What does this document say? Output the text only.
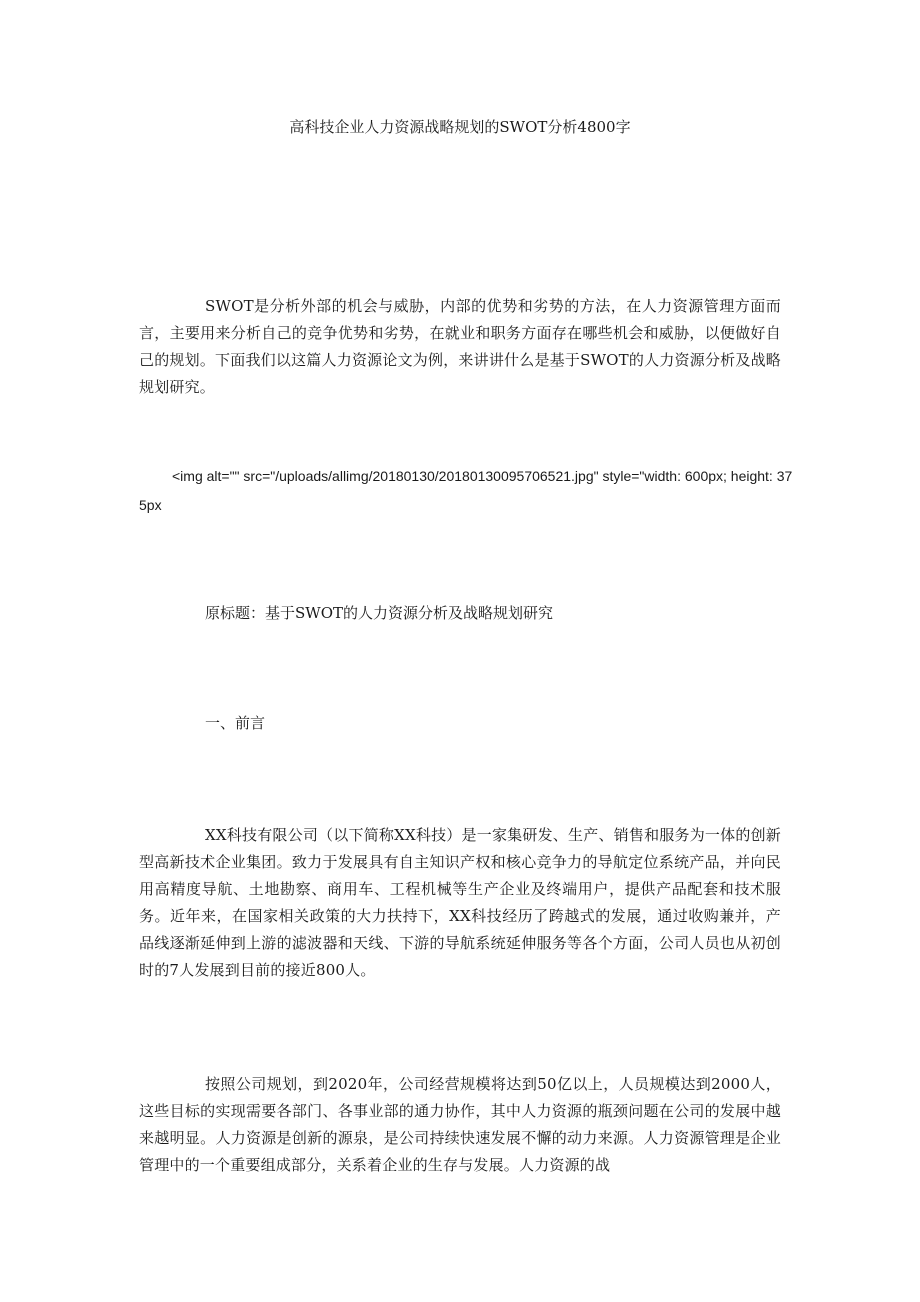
高科技企业人力资源战略规划的SWOT分析4800字
SWOT是分析外部的机会与威胁，内部的优势和劣势的方法，在人力资源管理方面而言，主要用来分析自己的竞争优势和劣势，在就业和职务方面存在哪些机会和威胁，以便做好自己的规划。下面我们以这篇人力资源论文为例，来讲讲什么是基于SWOT的人力资源分析及战略规划研究。
<img alt="" src="/uploads/allimg/20180130/20180130095706521.jpg" style="width: 600px; height: 375px
原标题：基于SWOT的人力资源分析及战略规划研究
一、前言
XX科技有限公司（以下简称XX科技）是一家集研发、生产、销售和服务为一体的创新型高新技术企业集团。致力于发展具有自主知识产权和核心竞争力的导航定位系统产品，并向民用高精度导航、土地勘察、商用车、工程机械等生产企业及终端用户，提供产品配套和技术服务。近年来，在国家相关政策的大力扶持下，XX科技经历了跨越式的发展，通过收购兼并，产品线逐渐延伸到上游的滤波器和天线、下游的导航系统延伸服务等各个方面，公司人员也从初创时的7人发展到目前的接近800人。
按照公司规划，到2020年，公司经营规模将达到50亿以上，人员规模达到2000人，这些目标的实现需要各部门、各事业部的通力协作，其中人力资源的瓶颈问题在公司的发展中越来越明显。人力资源是创新的源泉，是公司持续快速发展不懈的动力来源。人力资源管理是企业管理中的一个重要组成部分，关系着企业的生存与发展。人力资源的战
